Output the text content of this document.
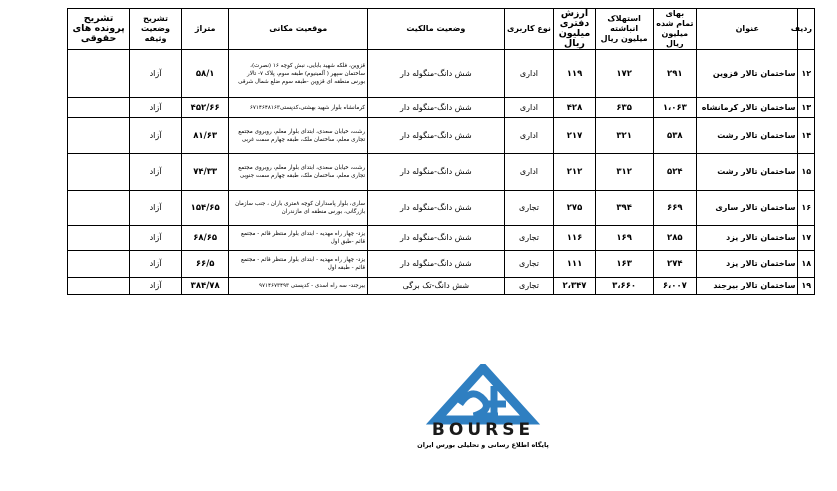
ردیف	عنوان	بهای تمام شده میلیون ریال	استهلاک انباشته میلیون ریال	ارزش دفتری میلیون ریال	نوع کاربری	وضعیت مالکیت	موقعیت مکانی	متراژ	تشریح وضعیت وثیقه	تشریح پرونده های حقوقی
۱۲	ساختمان تالار قزوین	۲۹۱	۱۷۲	۱۱۹	اداری	شش دانگ-منگوله دار	قزوین، فلکه شهید بابایی، نبش کوچه ۱۶ (نصرت)، ساختمان سپهر ( آلمینیوم) طبقه سوم، پلاک ۷- تالار بورس منطقه ای قزوین -طبقه سوم ضلع شمال شرقی	۵۸/۱	آزاد	
۱۳	ساختمان تالار کرمانشاه	۱،۰۶۳	۶۳۵	۴۲۸	اداری	شش دانگ-منگوله دار	کرمانشاه بلوار شهید بهشتی،کدپستی۶۷۱۴۶۴۸۱۶۳	۴۵۲/۶۶	آزاد	
۱۴	ساختمان تالار رشت	۵۳۸	۳۲۱	۲۱۷	اداری	شش دانگ-منگوله دار	رشت، خیابان سعدی، ابتدای بلوار معلم، روبروی مجتمع تجاری معلم، ساختمان ملک، طبقه چهارم سمت غربی	۸۱/۶۳	آزاد	
۱۵	ساختمان تالار رشت	۵۲۴	۳۱۲	۲۱۲	اداری	شش دانگ-منگوله دار	رشت، خیابان سعدی، ابتدای بلوار معلم، روبروی مجتمع تجاری معلم، ساختمان ملک، طبقه چهارم سمت جنوبی	۷۴/۳۳	آزاد	
۱۶	ساختمان تالار ساری	۶۶۹	۳۹۴	۲۷۵	تجاری	شش دانگ-منگوله دار	ساری، بلوار پاسداران کوچه ۸متری باران ، جنب سازمان بازرگانی، بورس منطقه ای مازندران	۱۵۴/۶۵	آزاد	
۱۷	ساختمان تالار یزد	۲۸۵	۱۶۹	۱۱۶	تجاری	شش دانگ-منگوله دار	یزد- چهار راه مهدیه - ابتدای بلوار منتظر قائم - مجتمع قائم -طبق اول	۶۸/۶۵	آزاد	
۱۸	ساختمان تالار یزد	۲۷۴	۱۶۳	۱۱۱	تجاری	شش دانگ-منگوله دار	یزد- چهار راه مهدیه - ابتدای بلوار منتظر قائم - مجتمع قائم - طبقه اول	۶۶/۵	آزاد	
۱۹	ساختمان تالار بیرجند	۶،۰۰۷	۳،۶۶۰	۲،۳۴۷	تجاری	شش دانگ-تک برگی	بیرجند- سه راه اسدی - کدپستی ۹۷۱۴۶۷۳۴۹۳	۳۸۴/۷۸	آزاد	
BOURSE
پایگاه اطلاع رسانی و تحلیلی بورس ایران
